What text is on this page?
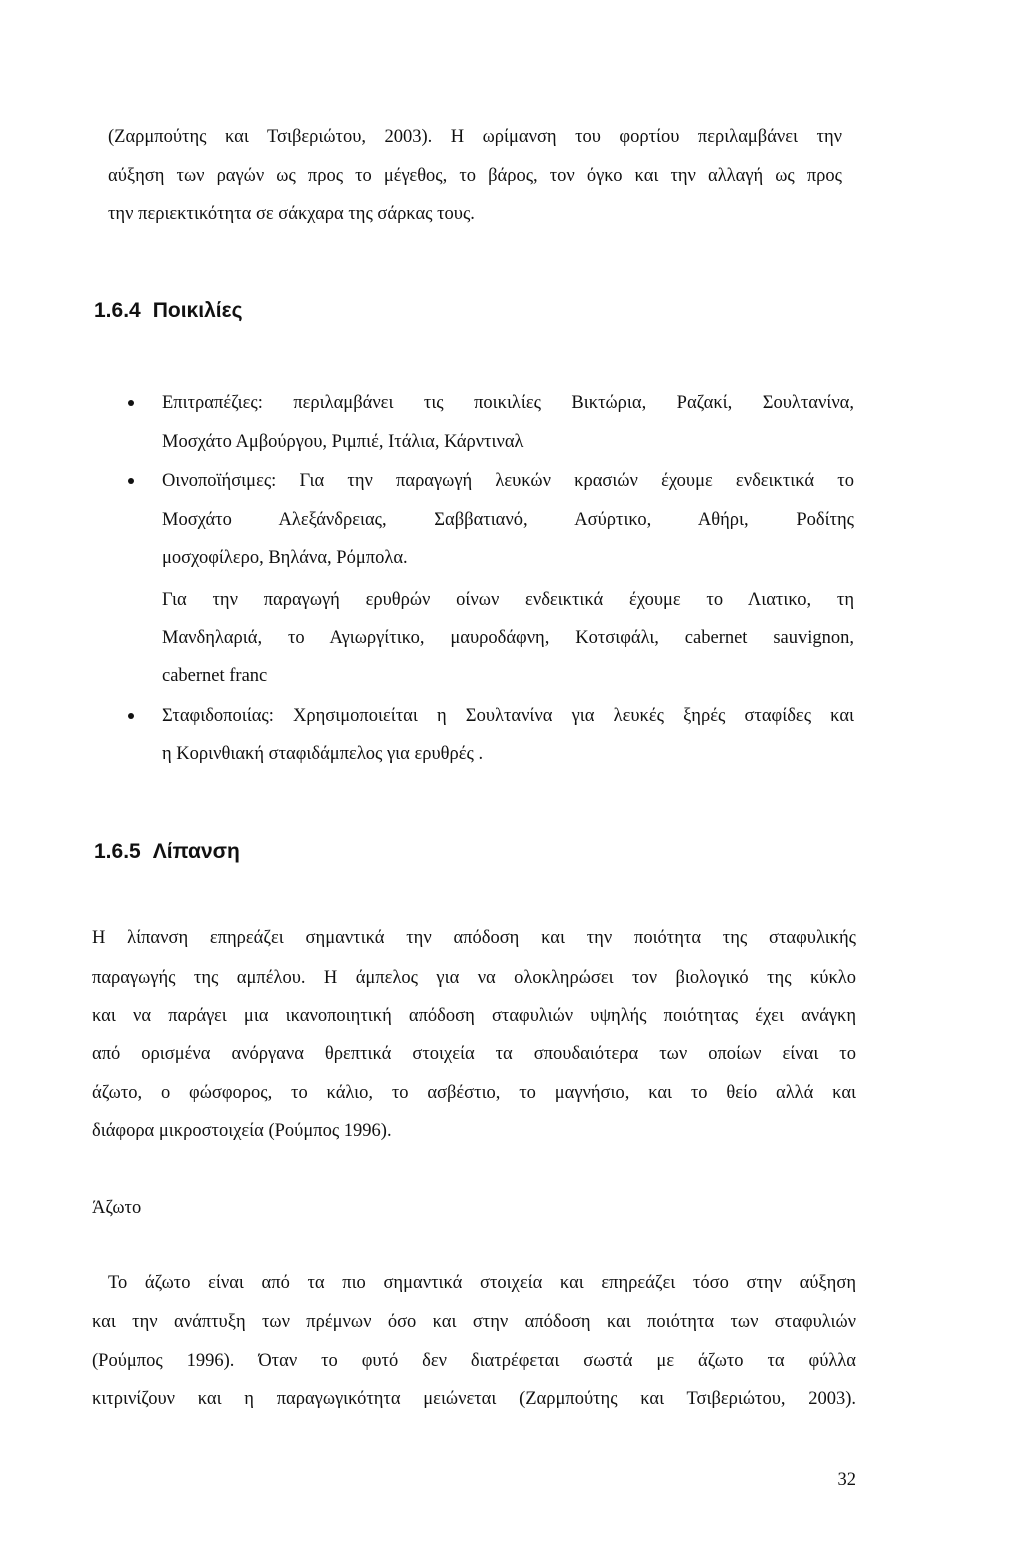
(Ζαρμπούτης και Τσιβεριώτου, 2003). Η ωρίμανση του φορτίου περιλαμβάνει την
αύξηση των ραγών ως προς το μέγεθος, το βάρος, τον όγκο και την αλλαγή ως προς
την περιεκτικότητα σε σάκχαρα της σάρκας τους.
1.6.4 Ποικιλίες
Επιτραπέζιες: περιλαμβάνει τις ποικιλίες Βικτώρια, Ραζακί, Σουλτανίνα,
Μοσχάτο Αμβούργου, Ριμπιέ, Ιτάλια, Κάρντιναλ
Οινοποϊήσιμες: Για την παραγωγή λευκών κρασιών έχουμε ενδεικτικά το
Μοσχάτο Αλεξάνδρειας, Σαββατιανό, Ασύρτικο, Αθήρι, Ροδίτης
μοσχοφίλερο, Βηλάνα, Ρόμπολα.
Για την παραγωγή ερυθρών οίνων ενδεικτικά έχουμε το Λιατικο, τη
Μανδηλαριά, το Αγιωργίτικο, μαυροδάφνη, Κοτσιφάλι, cabernet sauvignon,
cabernet franc
Σταφιδοποιίας: Χρησιμοποιείται η Σουλτανίνα για λευκές ξηρές σταφίδες και
η Κορινθιακή σταφιδάμπελος για ερυθρές .
1.6.5 Λίπανση
Η λίπανση επηρεάζει σημαντικά την απόδοση και την ποιότητα της σταφυλικής
παραγωγής της αμπέλου. Η άμπελος για να ολοκληρώσει τον βιολογικό της κύκλο
και να παράγει μια ικανοποιητική απόδοση σταφυλιών υψηλής ποιότητας έχει ανάγκη
από ορισμένα ανόργανα θρεπτικά στοιχεία τα σπουδαιότερα των οποίων είναι το
άζωτο, ο φώσφορος, το κάλιο, το ασβέστιο, το μαγνήσιο, και το θείο αλλά και
διάφορα μικροστοιχεία (Ρούμπος 1996).
Άζωτο
Το άζωτο είναι από τα πιο σημαντικά στοιχεία και επηρεάζει τόσο στην αύξηση
και την ανάπτυξη των πρέμνων όσο και στην απόδοση και ποιότητα των σταφυλιών
(Ρούμπος 1996). Όταν το φυτό δεν διατρέφεται σωστά με άζωτο τα φύλλα
κιτρινίζουν και η παραγωγικότητα μειώνεται (Ζαρμπούτης και Τσιβεριώτου, 2003).
32
